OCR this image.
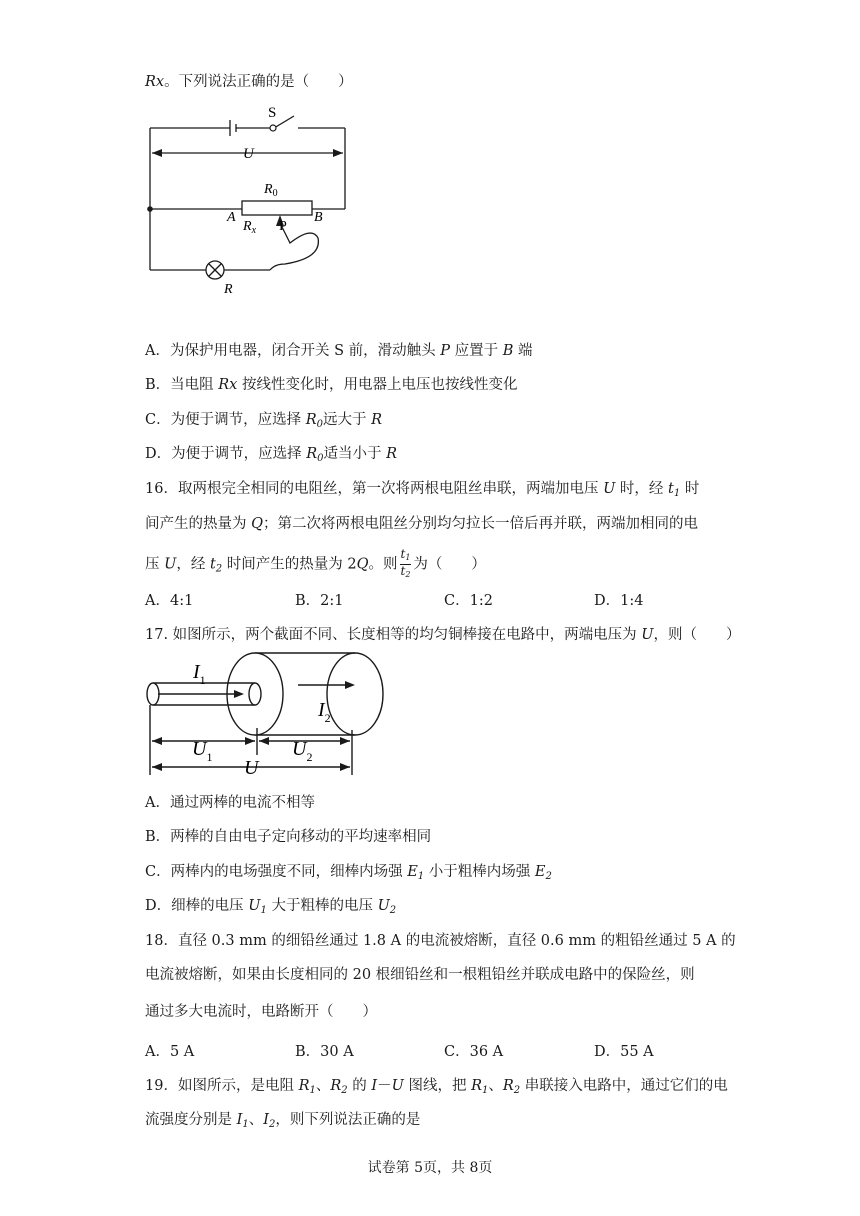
Rx。下列说法正确的是（　　）
S
U
$R_0$
A	B
$R_x$ P
R
A．为保护用电器，闭合开关 S 前，滑动触头 P 应置于 B 端
B．当电阻 Rx 按线性变化时，用电器上电压也按线性变化
C．为便于调节，应选择 $R_0$远大于 R
D．为便于调节，应选择 $R_0$适当小于 R
16．取两根完全相同的电阻丝，第一次将两根电阻丝串联，两端加电压 U 时，经 $t_1$ 时
间产生的热量为 Q；第二次将两根电阻丝分别均匀拉长一倍后再并联，两端加相同的电
压 U，经 $t_2$ 时间产生的热量为 2Q。则 $\frac{t_1}{t_2}$ 为（　　）
A．4:1	B．2:1	C．1:2	D．1:4
17. 如图所示，两个截面不同、长度相等的均匀铜棒接在电路中，两端电压为 U，则（　　）
$I_1$
$I_2$
$U_1$	$U_2$
U
A．通过两棒的电流不相等
B．两棒的自由电子定向移动的平均速率相同
C．两棒内的电场强度不同，细棒内场强 $E_1$ 小于粗棒内场强 $E_2$
D．细棒的电压 $U_1$ 大于粗棒的电压 $U_2$
18．直径 0.3 mm 的细铅丝通过 1.8 A 的电流被熔断，直径 0.6 mm 的粗铅丝通过 5 A 的
电流被熔断，如果由长度相同的 20 根细铅丝和一根粗铅丝并联成电路中的保险丝，则
通过多大电流时，电路断开（　　）
A．5 A	B．30 A	C．36 A	D．55 A
19．如图所示，是电阻 $R_1$、$R_2$ 的 I－U 图线，把 $R_1$、$R_2$ 串联接入电路中，通过它们的电
流强度分别是 $I_1$、$I_2$，则下列说法正确的是
试卷第 5页，共 8页
